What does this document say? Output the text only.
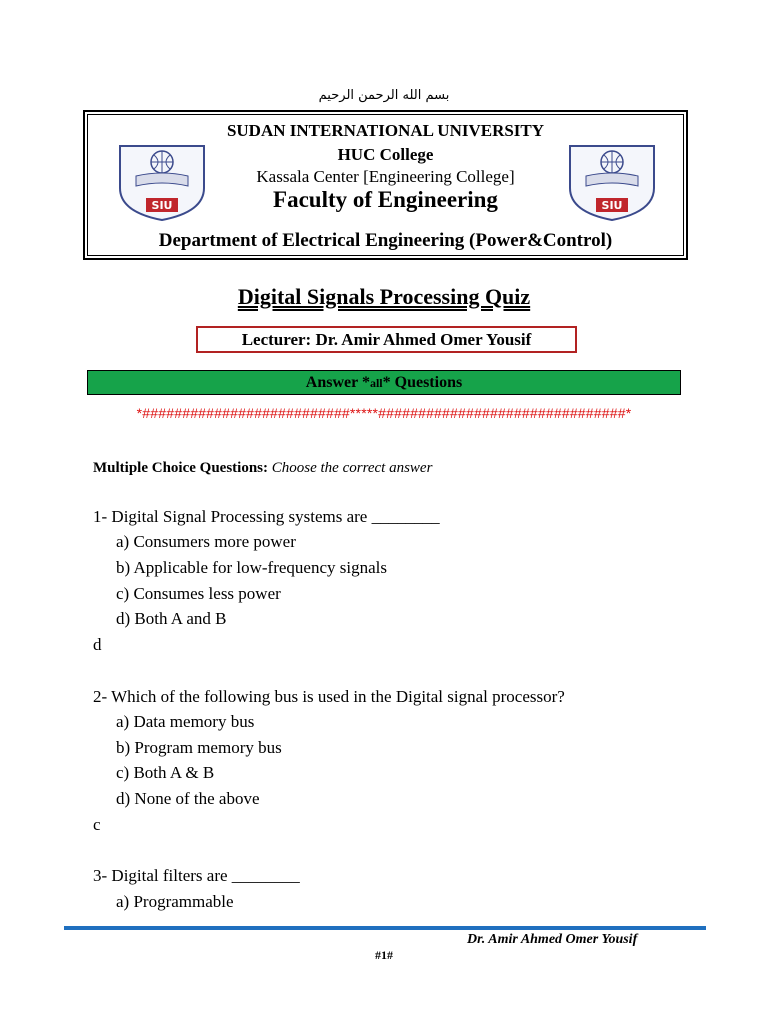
بسم الله الرحمن الرحيم
SUDAN INTERNATIONAL UNIVERSITY
HUC College
Kassala Center [Engineering College]
Faculty of Engineering
Department of Electrical Engineering (Power&Control)
SIU	SIU
Digital Signals Processing Quiz
Lecturer: Dr. Amir Ahmed Omer Yousif
Answer *all* Questions
*##########################*****###############################*
Multiple Choice Questions: Choose the correct answer
1- Digital Signal Processing systems are ________
a) Consumers more power
b) Applicable for low-frequency signals
c) Consumes less power
d) Both A and B
d
2- Which of the following bus is used in the Digital signal processor?
a) Data memory bus
b) Program memory bus
c) Both A & B
d) None of the above
c
3- Digital filters are ________
a) Programmable
Dr. Amir Ahmed Omer Yousif
#1#
